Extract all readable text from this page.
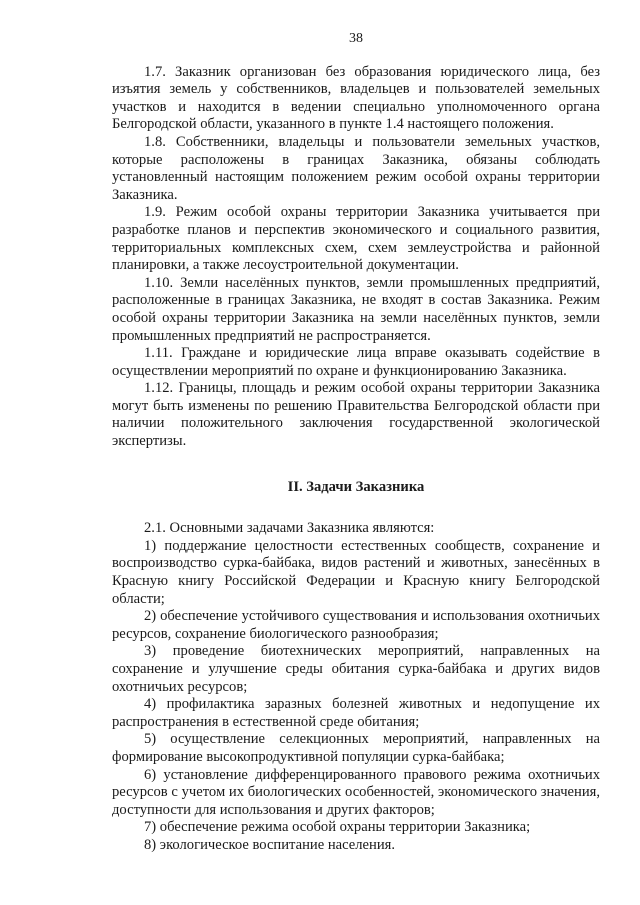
38

1.7. Заказник организован без образования юридического лица, без изъятия земель у собственников, владельцев и пользователей земельных участков и находится в ведении специально уполномоченного органа Белгородской области, указанного в пункте 1.4 настоящего положения.

1.8. Собственники, владельцы и пользователи земельных участков, которые расположены в границах Заказника, обязаны соблюдать установленный настоящим положением режим особой охраны территории Заказника.

1.9. Режим особой охраны территории Заказника учитывается при разработке планов и перспектив экономического и социального развития, территориальных комплексных схем, схем землеустройства и районной планировки, а также лесоустроительной документации.

1.10. Земли населённых пунктов, земли промышленных предприятий, расположенные в границах Заказника, не входят в состав Заказника. Режим особой охраны территории Заказника на земли населённых пунктов, земли промышленных предприятий не распространяется.

1.11. Граждане и юридические лица вправе оказывать содействие в осуществлении мероприятий по охране и функционированию Заказника.

1.12. Границы, площадь и режим особой охраны территории Заказника могут быть изменены по решению Правительства Белгородской области при наличии положительного заключения государственной экологической экспертизы.

II. Задачи Заказника

2.1. Основными задачами Заказника являются:

1) поддержание целостности естественных сообществ, сохранение и воспроизводство сурка-байбака, видов растений и животных, занесённых в Красную книгу Российской Федерации и Красную книгу Белгородской области;

2) обеспечение устойчивого существования и использования охотничьих ресурсов, сохранение биологического разнообразия;

3) проведение биотехнических мероприятий, направленных на сохранение и улучшение среды обитания сурка-байбака и других видов охотничьих ресурсов;

4) профилактика заразных болезней животных и недопущение их распространения в естественной среде обитания;

5) осуществление селекционных мероприятий, направленных на формирование высокопродуктивной популяции сурка-байбака;

6) установление дифференцированного правового режима охотничьих ресурсов с учетом их биологических особенностей, экономического значения, доступности для использования и других факторов;

7) обеспечение режима особой охраны территории Заказника;

8) экологическое воспитание населения.
